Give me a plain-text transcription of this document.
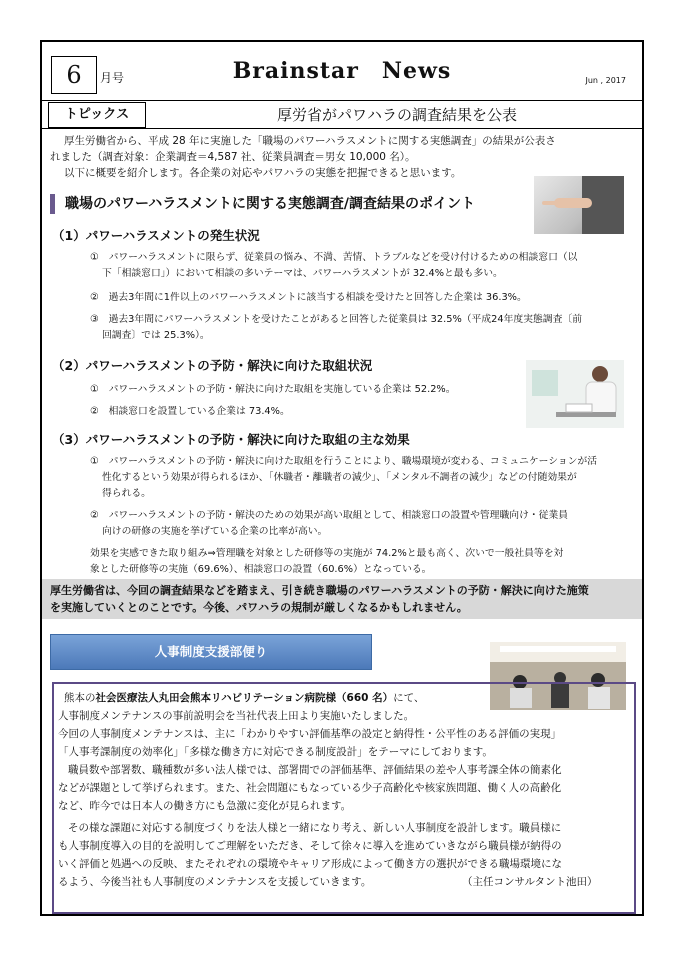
6	月号	Brainstar　News	Jun , 2017
トピックス	厚労省がパワハラの調査結果を公表
厚生労働省から、平成 28 年に実施した「職場のパワーハラスメントに関する実態調査」の結果が公表さ
れました（調査対象：企業調査＝4,587 社、従業員調査＝男女 10,000 名）。
以下に概要を紹介します。各企業の対応やパワハラの実態を把握できると思います。
職場のパワーハラスメントに関する実態調査/調査結果のポイント
（1）パワーハラスメントの発生状況
①　パワーハラスメントに限らず、従業員の悩み、不満、苦情、トラブルなどを受け付けるための相談窓口（以
下「相談窓口」）において相談の多いテーマは、パワーハラスメントが 32.4%と最も多い。
②　過去3年間に1件以上のパワーハラスメントに該当する相談を受けたと回答した企業は 36.3%。
③　過去3年間にパワーハラスメントを受けたことがあると回答した従業員は 32.5%（平成24年度実態調査〔前
回調査〕では 25.3%）。
（2）パワーハラスメントの予防・解決に向けた取組状況
①　パワーハラスメントの予防・解決に向けた取組を実施している企業は 52.2%。
②　相談窓口を設置している企業は 73.4%。
（3）パワーハラスメントの予防・解決に向けた取組の主な効果
①　パワーハラスメントの予防・解決に向けた取組を行うことにより、職場環境が変わる、コミュニケーションが活
性化するという効果が得られるほか、「休職者・離職者の減少」、「メンタル不調者の減少」などの付随効果が
得られる。
②　パワーハラスメントの予防・解決のための効果が高い取組として、相談窓口の設置や管理職向け・従業員
向けの研修の実施を挙げている企業の比率が高い。
効果を実感できた取り組み⇒管理職を対象とした研修等の実施が 74.2%と最も高く、次いで一般社員等を対
象とした研修等の実施（69.6%）、相談窓口の設置（60.6%）となっている。
厚生労働省は、今回の調査結果などを踏まえ、引き続き職場のパワーハラスメントの予防・解決に向けた施策
を実施していくとのことです。今後、パワハラの規制が厳しくなるかもしれません。
人事制度支援部便り
熊本の社会医療法人丸田会熊本リハビリテーション病院様（660 名）にて、
人事制度メンテナンスの事前説明会を当社代表上田より実施いたしました。
今回の人事制度メンテナンスは、主に「わかりやすい評価基準の設定と納得性・公平性のある評価の実現」
「人事考課制度の効率化」「多様な働き方に対応できる制度設計」をテーマにしております。
職員数や部署数、職種数が多い法人様では、部署間での評価基準、評価結果の差や人事考課全体の簡素化
などが課題として挙げられます。また、社会問題にもなっている少子高齢化や核家族問題、働く人の高齢化
など、昨今では日本人の働き方にも急激に変化が見られます。
その様な課題に対応する制度づくりを法人様と一緒になり考え、新しい人事制度を設計します。職員様に
も人事制度導入の目的を説明してご理解をいただき、そして徐々に導入を進めていきながら職員様が納得の
いく評価と処遇への反映、またそれぞれの環境やキャリア形成によって働き方の選択ができる職場環境にな
るよう、今後当社も人事制度のメンテナンスを支援していきます。	（主任コンサルタント池田）
